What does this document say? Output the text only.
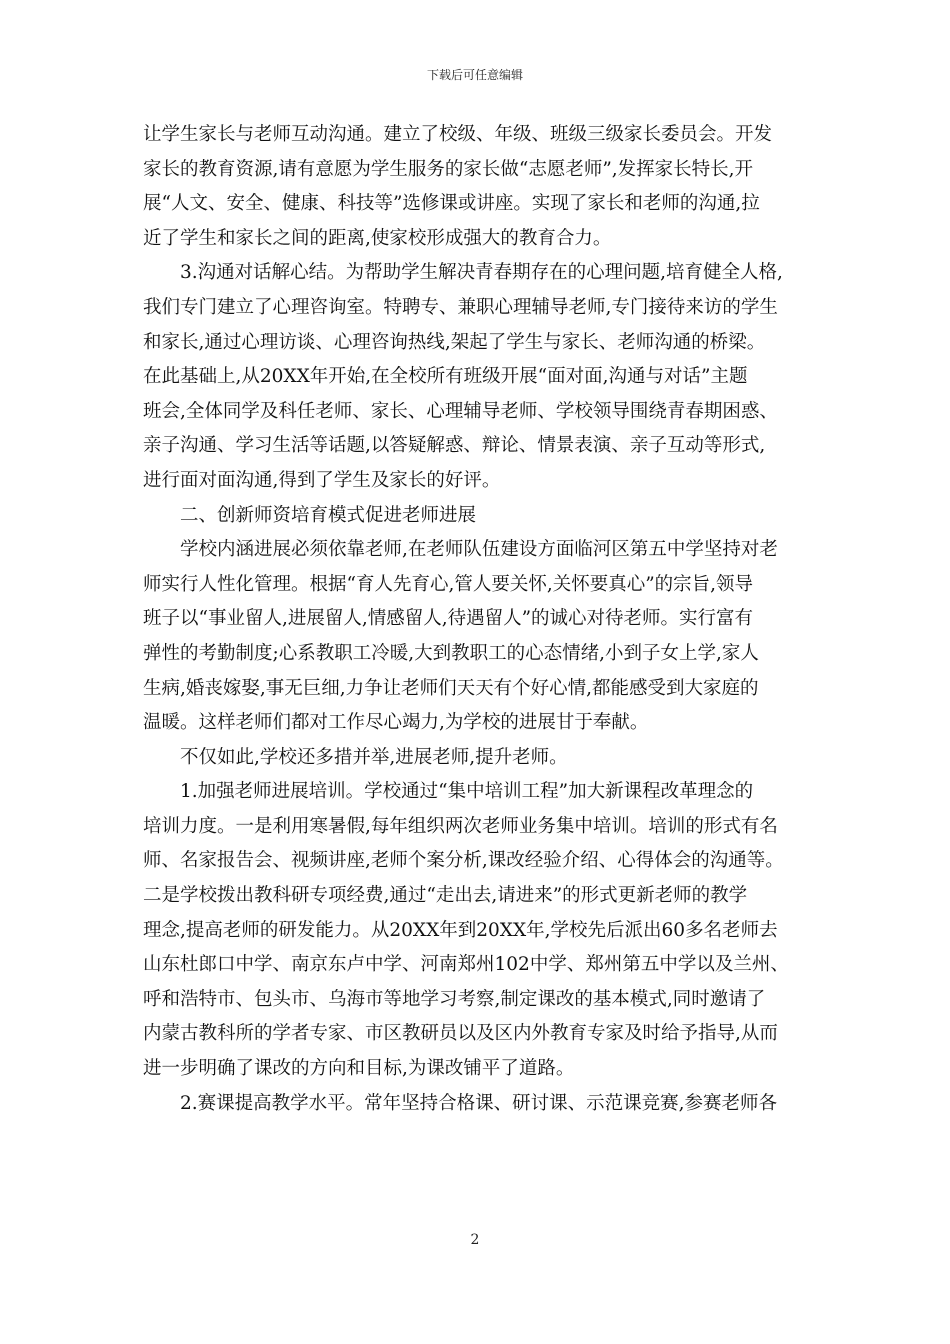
下载后可任意编辑

让学生家长与老师互动沟通。建立了校级、年级、班级三级家长委员会。开发
家长的教育资源,请有意愿为学生服务的家长做“志愿老师”,发挥家长特长,开
展“人文、安全、健康、科技等”选修课或讲座。实现了家长和老师的沟通,拉
近了学生和家长之间的距离,使家校形成强大的教育合力。

　　3.沟通对话解心结。为帮助学生解决青春期存在的心理问题,培育健全人格,
我们专门建立了心理咨询室。特聘专、兼职心理辅导老师,专门接待来访的学生
和家长,通过心理访谈、心理咨询热线,架起了学生与家长、老师沟通的桥梁。
在此基础上,从20XX年开始,在全校所有班级开展“面对面,沟通与对话”主题
班会,全体同学及科任老师、家长、心理辅导老师、学校领导围绕青春期困惑、
亲子沟通、学习生活等话题,以答疑解惑、辩论、情景表演、亲子互动等形式,
进行面对面沟通,得到了学生及家长的好评。

　　二、创新师资培育模式促进老师进展

　　学校内涵进展必须依靠老师,在老师队伍建设方面临河区第五中学坚持对老
师实行人性化管理。根据“育人先育心,管人要关怀,关怀要真心”的宗旨,领导
班子以“事业留人,进展留人,情感留人,待遇留人”的诚心对待老师。实行富有
弹性的考勤制度;心系教职工冷暖,大到教职工的心态情绪,小到子女上学,家人
生病,婚丧嫁娶,事无巨细,力争让老师们天天有个好心情,都能感受到大家庭的
温暖。这样老师们都对工作尽心竭力,为学校的进展甘于奉献。

　　不仅如此,学校还多措并举,进展老师,提升老师。

　　1.加强老师进展培训。学校通过“集中培训工程”加大新课程改革理念的
培训力度。一是利用寒暑假,每年组织两次老师业务集中培训。培训的形式有名
师、名家报告会、视频讲座,老师个案分析,课改经验介绍、心得体会的沟通等。
二是学校拨出教科研专项经费,通过“走出去,请进来”的形式更新老师的教学
理念,提高老师的研发能力。从20XX年到20XX年,学校先后派出60多名老师去
山东杜郎口中学、南京东卢中学、河南郑州102中学、郑州第五中学以及兰州、
呼和浩特市、包头市、乌海市等地学习考察,制定课改的基本模式,同时邀请了
内蒙古教科所的学者专家、市区教研员以及区内外教育专家及时给予指导,从而
进一步明确了课改的方向和目标,为课改铺平了道路。

　　2.赛课提高教学水平。常年坚持合格课、研讨课、示范课竞赛,参赛老师各

2
